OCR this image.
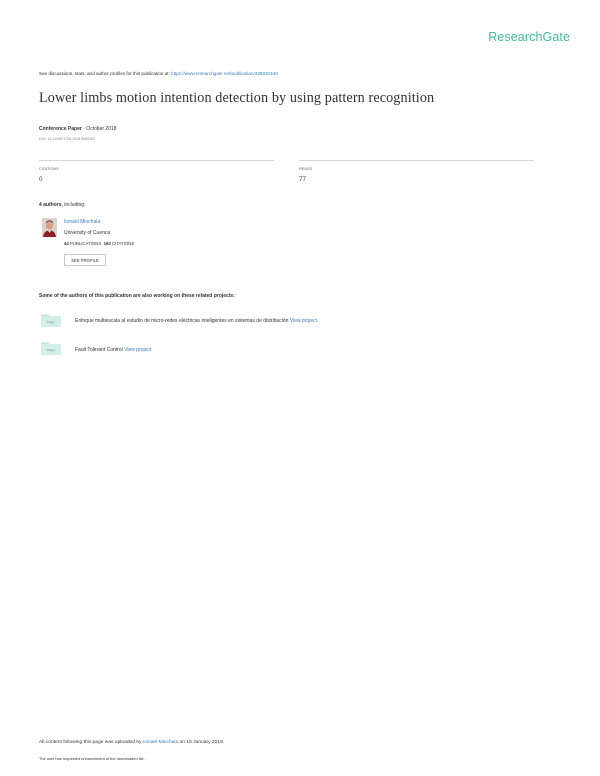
ResearchGate
See discussions, stats, and author profiles for this publication at: https://www.researchgate.net/publication/328020448
Lower limbs motion intention detection by using pattern recognition
Conference Paper · October 2018
DOI: 10.1109/ETCM.2018.8580302
CITATIONS
0
READS
77
4 authors, including:
Ismael Minchala
University of Cuenca
44 PUBLICATIONS 163 CITATIONS
SEE PROFILE
Some of the authors of this publication are also working on these related projects:
Project	Enfoque multiescala al estudio de micro-redes eléctricas inteligentes en sistemas de distribución View project
Project	Fault Tolerant Control View project
All content following this page was uploaded by Ismael Minchala on 16 January 2019.
The user has requested enhancement of the downloaded file.
